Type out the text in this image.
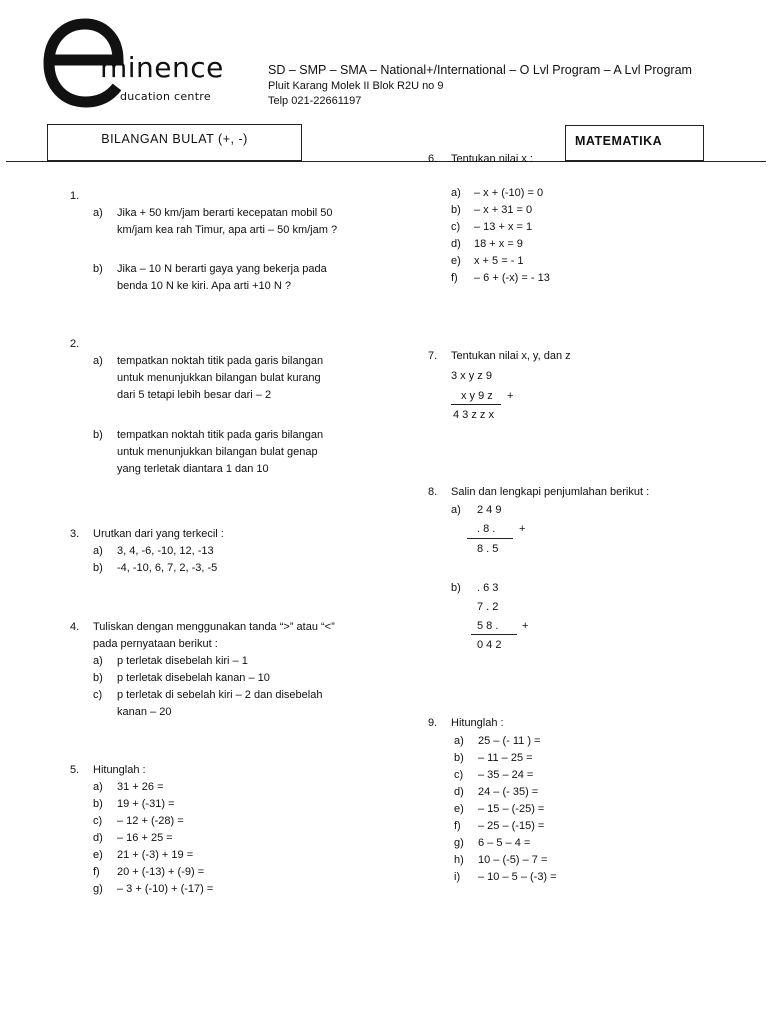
minence
ducation centre
SD – SMP – SMA – National+/International – O Lvl Program – A Lvl Program
Pluit Karang Molek II Blok R2U no 9
Telp 021-22661197
BILANGAN BULAT (+, -)	MATEMATIKA
1.
a) Jika + 50 km/jam berarti kecepatan mobil 50
km/jam kea rah Timur, apa arti – 50 km/jam ?
b) Jika – 10 N berarti gaya yang bekerja pada
benda 10 N ke kiri. Apa arti +10 N ?
2.
a) tempatkan noktah titik pada garis bilangan
untuk menunjukkan bilangan bulat kurang
dari 5 tetapi lebih besar dari – 2
b) tempatkan noktah titik pada garis bilangan
untuk menunjukkan bilangan bulat genap
yang terletak diantara 1 dan 10
3. Urutkan dari yang terkecil :
a) 3, 4, -6, -10, 12, -13
b) -4, -10, 6, 7, 2, -3, -5
4. Tuliskan dengan menggunakan tanda “>” atau “<”
pada pernyataan berikut :
a) p terletak disebelah kiri – 1
b) p terletak disebelah kanan – 10
c) p terletak di sebelah kiri – 2 dan disebelah
kanan – 20
5. Hitunglah :
a) 31 + 26 =
b) 19 + (-31) =
c) – 12 + (-28) =
d) – 16 + 25 =
e) 21 + (-3) + 19 =
f) 20 + (-13) + (-9) =
g) – 3 + (-10) + (-17) =
6. Tentukan nilai x :
a) – x + (-10) = 0
b) – x + 31 = 0
c) – 13 + x = 1
d) 18 + x = 9
e) x + 5 = - 1
f) – 6 + (-x) = - 13
7. Tentukan nilai x, y, dan z
3 x y z 9
x y 9 z +
4 3 z z x
8. Salin dan lengkapi penjumlahan berikut :
a) 2 4 9
. 8 . +
8 . 5
b) . 6 3
7 . 2
5 8 . +
0 4 2
9. Hitunglah :
a) 25 – (- 11 ) =
b) – 11 – 25 =
c) – 35 – 24 =
d) 24 – (- 35) =
e) – 15 – (-25) =
f) – 25 – (-15) =
g) 6 – 5 – 4 =
h) 10 – (-5) – 7 =
i) – 10 – 5 – (-3) =
